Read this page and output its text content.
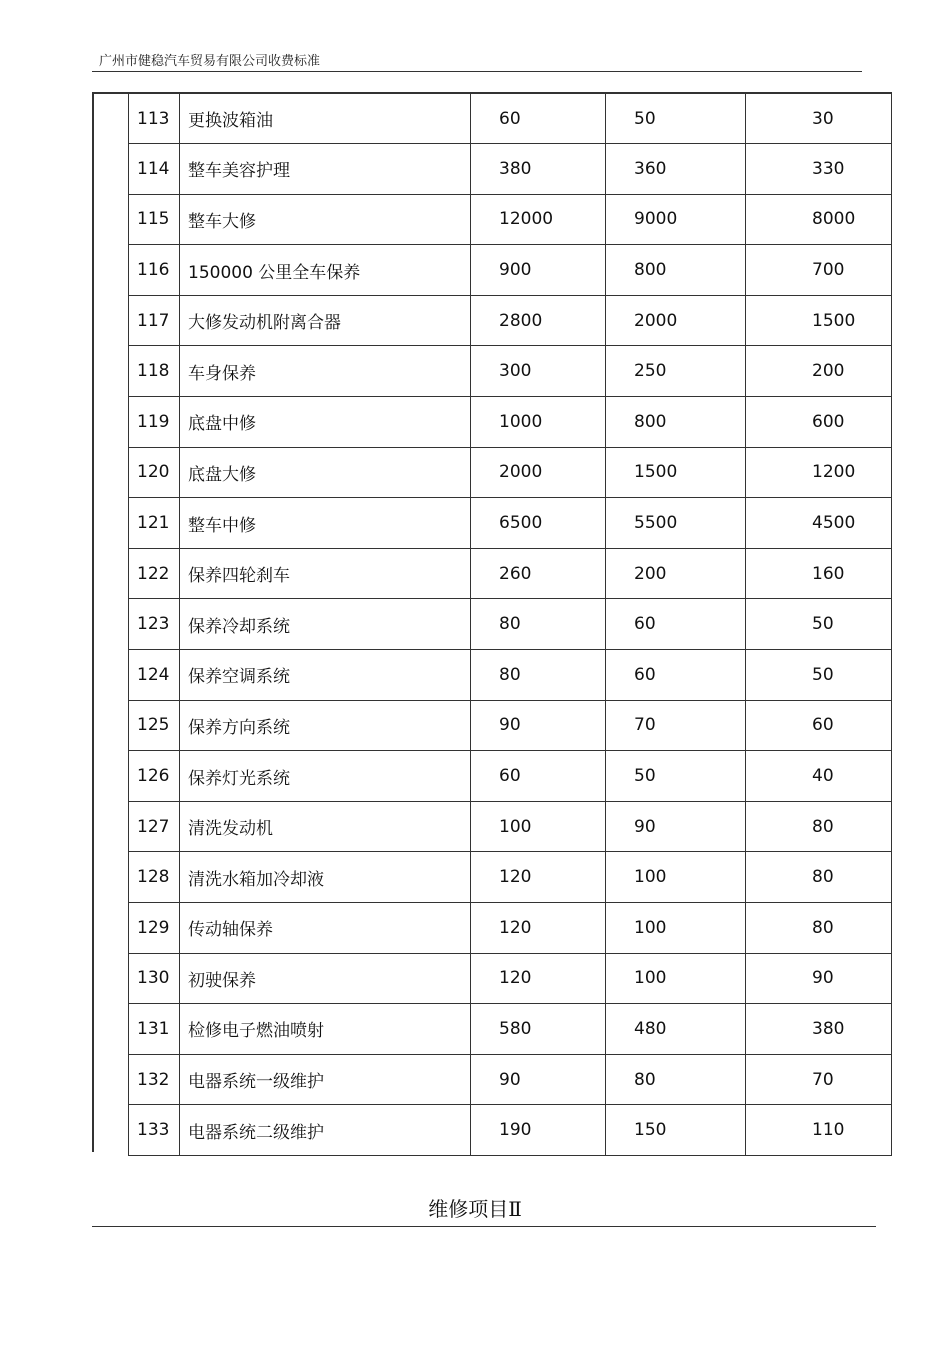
广州市健稳汽车贸易有限公司收费标准
113	更换波箱油	60	50	30
114	整车美容护理	380	360	330
115	整车大修	12000	9000	8000
116	150000 公里全车保养	900	800	700
117	大修发动机附离合器	2800	2000	1500
118	车身保养	300	250	200
119	底盘中修	1000	800	600
120	底盘大修	2000	1500	1200
121	整车中修	6500	5500	4500
122	保养四轮刹车	260	200	160
123	保养冷却系统	80	60	50
124	保养空调系统	80	60	50
125	保养方向系统	90	70	60
126	保养灯光系统	60	50	40
127	清洗发动机	100	90	80
128	清洗水箱加冷却液	120	100	80
129	传动轴保养	120	100	80
130	初驶保养	120	100	90
131	检修电子燃油喷射	580	480	380
132	电器系统一级维护	90	80	70
133	电器系统二级维护	190	150	110
维修项目Ⅱ
